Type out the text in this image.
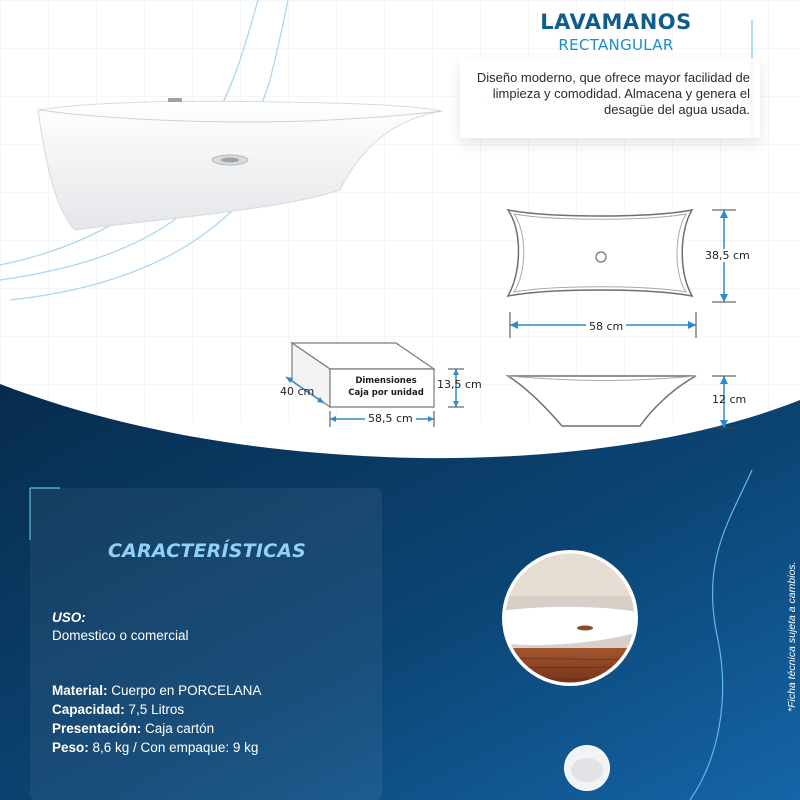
LAVAMANOS
RECTANGULAR
Diseño moderno, que ofrece mayor facilidad de limpieza y comodidad. Almacena y genera el desagüe del agua usada.
38,5 cm
58 cm
12 cm
Dimensiones
Caja por unidad
13,5 cm
40 cm
58,5 cm
CARACTERÍSTICAS
USO:
Domestico o comercial
Material: Cuerpo en PORCELANA
Capacidad: 7,5 Litros
Presentación: Caja cartón
Peso: 8,6 kg / Con empaque: 9 kg
*Ficha técnica sujeta a cambios.
